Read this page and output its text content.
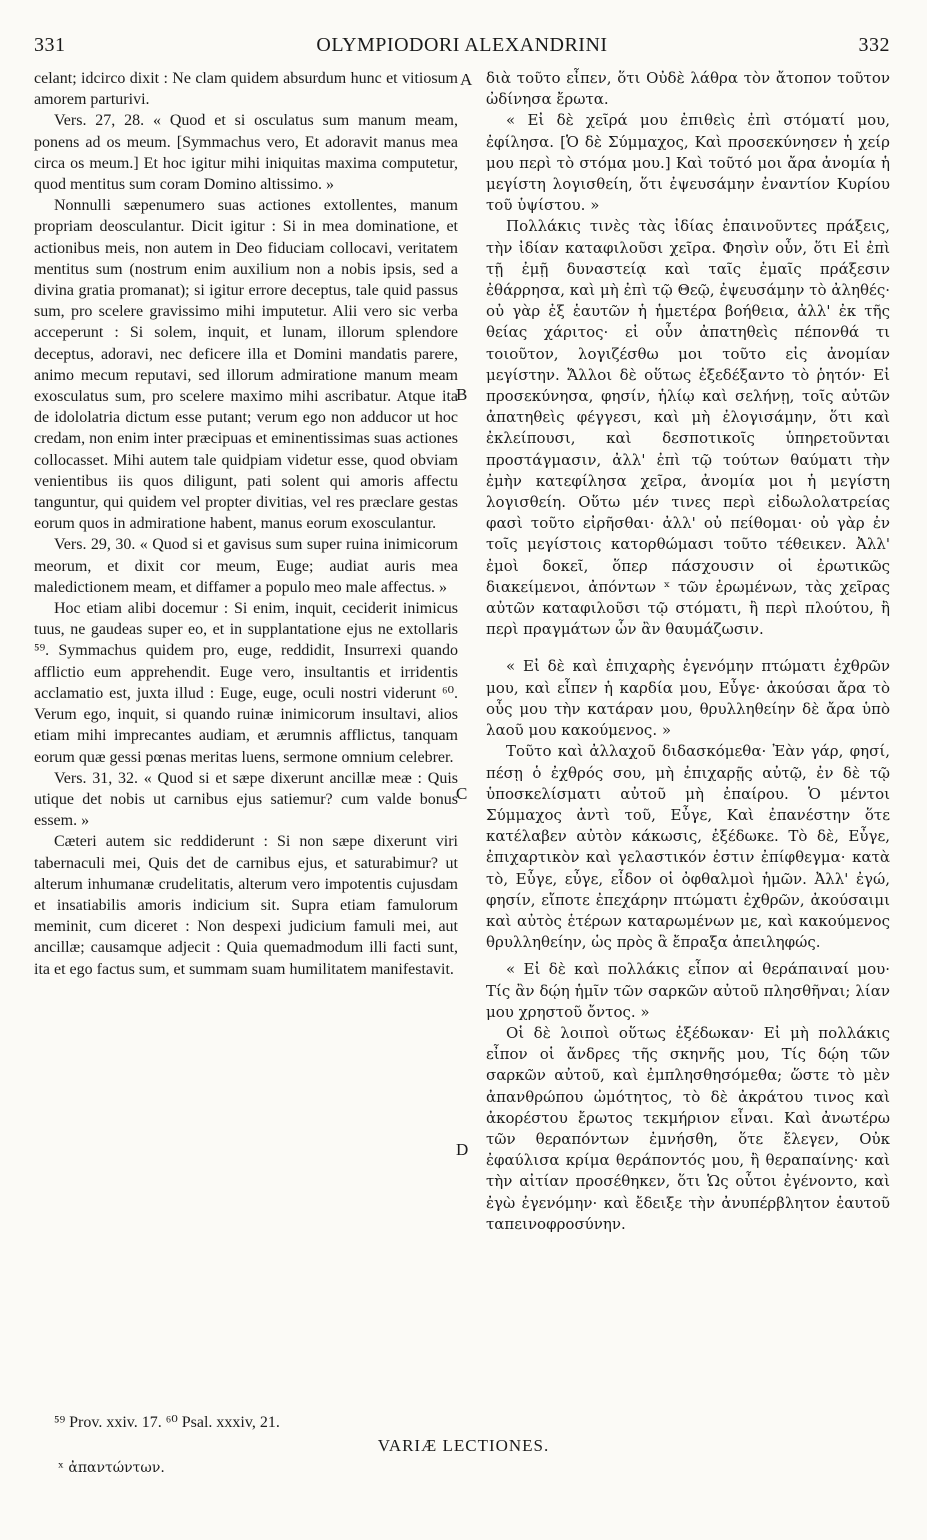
331	OLYMPIODORI ALEXANDRINI	332

celant; idcirco dixit : Ne clam quidem absurdum hunc et vitiosum amorem parturivi.

Vers. 27, 28. « Quod et si osculatus sum manum meam, ponens ad os meum. [Symmachus vero, Et adoravit manus mea circa os meum.] Et hoc igitur mihi iniquitas maxima computetur, quod mentitus sum coram Domino altissimo. »

Nonnulli sæpenumero suas actiones extollentes, manum propriam deosculantur. Dicit igitur : Si in mea dominatione, et actionibus meis, non autem in Deo fiduciam collocavi, veritatem mentitus sum (nostrum enim auxilium non a nobis ipsis, sed a divina gratia promanat); si igitur errore deceptus, tale quid passus sum, pro scelere gravissimo mihi imputetur. Alii vero sic verba acceperunt : Si solem, inquit, et lunam, illorum splendore deceptus, adoravi, nec deficere illa et Domini mandatis parere, animo mecum reputavi, sed illorum admiratione manum meam exosculatus sum, pro scelere maximo mihi ascribatur. Atque ita de idololatria dictum esse putant; verum ego non adducor ut hoc credam, non enim inter præcipuas et eminentissimas suas actiones collocasset. Mihi autem tale quidpiam videtur esse, quod obviam venientibus iis quos diligunt, pati solent qui amoris affectu tanguntur, qui quidem vel propter divitias, vel res præclare gestas eorum quos in admiratione habent, manus eorum exosculantur.

Vers. 29, 30. « Quod si et gavisus sum super ruina inimicorum meorum, et dixit cor meum, Euge; audiat auris mea maledictionem meam, et diffamer a populo meo male affectus. »

Hoc etiam alibi docemur : Si enim, inquit, ceciderit inimicus tuus, ne gaudeas super eo, et in supplantatione ejus ne extollaris ⁵⁹. Symmachus quidem pro, euge, reddidit, Insurrexi quando afflictio eum apprehendit. Euge vero, insultantis et irridentis acclamatio est, juxta illud : Euge, euge, oculi nostri viderunt ⁶⁰. Verum ego, inquit, si quando ruinæ inimicorum insultavi, alios etiam mihi imprecantes audiam, et ærumnis afflictus, tanquam eorum quæ gessi pœnas meritas luens, sermone omnium celebrer.

Vers. 31, 32. « Quod si et sæpe dixerunt ancillæ meæ : Quis utique det nobis ut carnibus ejus satiemur? cum valde bonus essem. »

Cæteri autem sic reddiderunt : Si non sæpe dixerunt viri tabernaculi mei, Quis det de carnibus ejus, et saturabimur? ut alterum inhumanæ crudelitatis, alterum vero impotentis cujusdam et insatiabilis amoris indicium sit. Supra etiam famulorum meminit, cum diceret : Non despexi judicium famuli mei, aut ancillæ; causamque adjecit : Quia quemadmodum illi facti sunt, ita et ego factus sum, et summam suam humilitatem manifestavit.

διὰ τοῦτο εἶπεν, ὅτι Οὐδὲ λάθρα τὸν ἄτοπον τοῦτον ὠδίνησα ἔρωτα.

« Εἰ δὲ χεῖρά μου ἐπιθεὶς ἐπὶ στόματί μου, ἐφίλησα. [Ὁ δὲ Σύμμαχος, Καὶ προσεκύνησεν ἡ χείρ μου περὶ τὸ στόμα μου.] Καὶ τοῦτό μοι ἄρα ἀνομία ἡ μεγίστη λογισθείη, ὅτι ἐψευσάμην ἐναντίον Κυρίου τοῦ ὑψίστου. »

Πολλάκις τινὲς τὰς ἰδίας ἐπαινοῦντες πράξεις, τὴν ἰδίαν καταφιλοῦσι χεῖρα. Φησὶν οὖν, ὅτι Εἰ ἐπὶ τῇ ἐμῇ δυναστείᾳ καὶ ταῖς ἐμαῖς πράξεσιν ἐθάρρησα, καὶ μὴ ἐπὶ τῷ Θεῷ, ἐψευσάμην τὸ ἀληθές· οὐ γὰρ ἐξ ἑαυτῶν ἡ ἡμετέρα βοήθεια, ἀλλ' ἐκ τῆς θείας χάριτος· εἰ οὖν ἀπατηθεὶς πέπονθά τι τοιοῦτον, λογιζέσθω μοι τοῦτο εἰς ἀνομίαν μεγίστην. Ἄλλοι δὲ οὕτως ἐξεδέξαντο τὸ ῥητόν· Εἰ προσεκύνησα, φησίν, ἡλίῳ καὶ σελήνῃ, τοῖς αὐτῶν ἀπατηθεὶς φέγγεσι, καὶ μὴ ἐλογισάμην, ὅτι καὶ ἐκλείπουσι, καὶ δεσποτικοῖς ὑπηρετοῦνται προστάγμασιν, ἀλλ' ἐπὶ τῷ τούτων θαύματι τὴν ἐμὴν κατεφίλησα χεῖρα, ἀνομία μοι ἡ μεγίστη λογισθείη. Οὕτω μέν τινες περὶ εἰδωλολατρείας φασὶ τοῦτο εἰρῆσθαι· ἀλλ' οὐ πείθομαι· οὐ γὰρ ἐν τοῖς μεγίστοις κατορθώμασι τοῦτο τέθεικεν. Ἀλλ' ἐμοὶ δοκεῖ, ὅπερ πάσχουσιν οἱ ἐρωτικῶς διακείμενοι, ἀπόντων ˣ τῶν ἐρωμένων, τὰς χεῖρας αὐτῶν καταφιλοῦσι τῷ στόματι, ἢ περὶ πλούτου, ἢ περὶ πραγμάτων ὧν ἂν θαυμάζωσιν.

« Εἰ δὲ καὶ ἐπιχαρὴς ἐγενόμην πτώματι ἐχθρῶν μου, καὶ εἶπεν ἡ καρδία μου, Εὖγε· ἀκούσαι ἄρα τὸ οὖς μου τὴν κατάραν μου, θρυλληθείην δὲ ἄρα ὑπὸ λαοῦ μου κακούμενος. »

Τοῦτο καὶ ἀλλαχοῦ διδασκόμεθα· Ἐὰν γάρ, φησί, πέσῃ ὁ ἐχθρός σου, μὴ ἐπιχαρῇς αὐτῷ, ἐν δὲ τῷ ὑποσκελίσματι αὐτοῦ μὴ ἐπαίρου. Ὁ μέντοι Σύμμαχος ἀντὶ τοῦ, Εὖγε, Καὶ ἐπανέστην ὅτε κατέλαβεν αὐτὸν κάκωσις, ἐξέδωκε. Τὸ δὲ, Εὖγε, ἐπιχαρτικὸν καὶ γελαστικόν ἐστιν ἐπίφθεγμα· κατὰ τὸ, Εὖγε, εὖγε, εἶδον οἱ ὀφθαλμοὶ ἡμῶν. Ἀλλ' ἐγώ, φησίν, εἴποτε ἐπεχάρην πτώματι ἐχθρῶν, ἀκούσαιμι καὶ αὐτὸς ἑτέρων καταρωμένων με, καὶ κακούμενος θρυλληθείην, ὡς πρὸς ἃ ἔπραξα ἀπειληφώς.

« Εἰ δὲ καὶ πολλάκις εἶπον αἱ θεράπαιναί μου· Τίς ἂν δῴη ἡμῖν τῶν σαρκῶν αὐτοῦ πλησθῆναι; λίαν μου χρηστοῦ ὄντος. »

Οἱ δὲ λοιποὶ οὕτως ἐξέδωκαν· Εἰ μὴ πολλάκις εἶπον οἱ ἄνδρες τῆς σκηνῆς μου, Τίς δῴη τῶν σαρκῶν αὐτοῦ, καὶ ἐμπλησθησόμεθα; ὥστε τὸ μὲν ἀπανθρώπου ὠμότητος, τὸ δὲ ἀκράτου τινος καὶ ἀκορέστου ἔρωτος τεκμήριον εἶναι. Καὶ ἀνωτέρω τῶν θεραπόντων ἐμνήσθη, ὅτε ἔλεγεν, Οὐκ ἐφαύλισα κρίμα θεράποντός μου, ἢ θεραπαίνης· καὶ τὴν αἰτίαν προσέθηκεν, ὅτι Ὡς οὗτοι ἐγένοντο, καὶ ἐγὼ ἐγενόμην· καὶ ἔδειξε τὴν ἀνυπέρβλητον ἑαυτοῦ ταπεινοφροσύνην.

A
B
C
D
⁵⁹ Prov. xxiv. 17. ⁶⁰ Psal. xxxiv, 21.
VARIÆ LECTIONES.
ˣ ἀπαντώντων.
